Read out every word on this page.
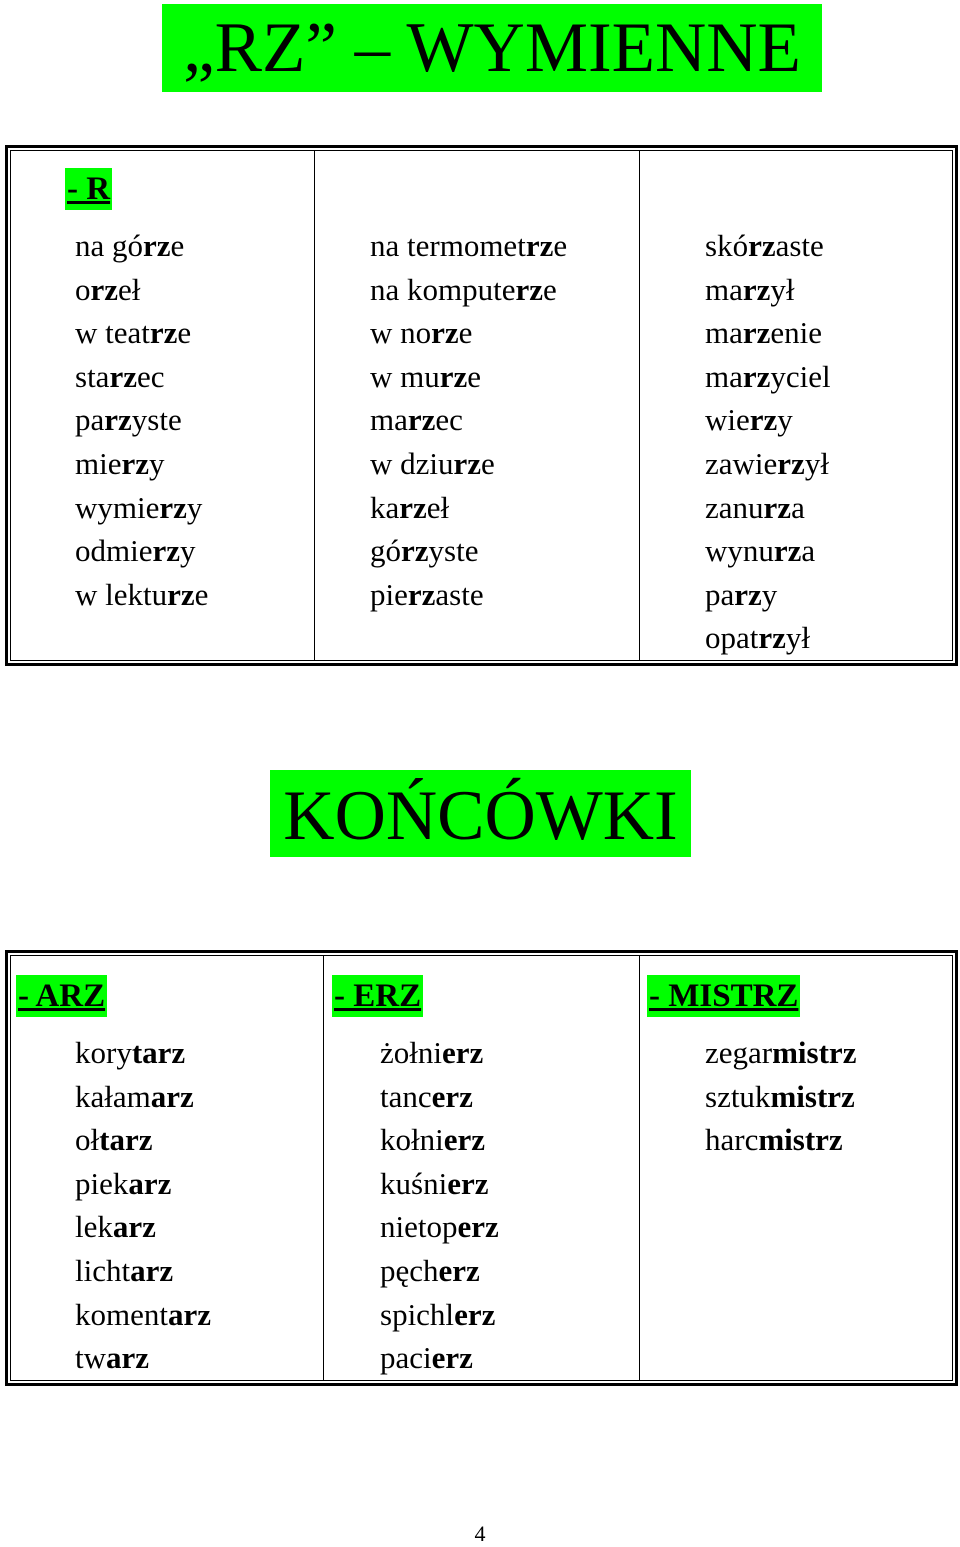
„RZ” – WYMIENNE
- R
na górze
orzeł
w teatrze
starzec
parzyste
mierzy
wymierzy
odmierzy
w lekturze
na termometrze
na komputerze
w norze
w murze
marzec
w dziurze
karzeł
górzyste
pierzaste
skórzaste
marzył
marzenie
marzyciel
wierzy
zawierzył
zanurza
wynurza
parzy
opatrzył
KOŃCÓWKI
- ARZ	- ERZ	- MISTRZ
korytarz
kałamarz
ołtarz
piekarz
lekarz
lichtarz
komentarz
twarz
żołnierz
tancerz
kołnierz
kuśnierz
nietoperz
pęcherz
spichlerz
pacierz
zegarmistrz
sztukmistrz
harcmistrz
4
